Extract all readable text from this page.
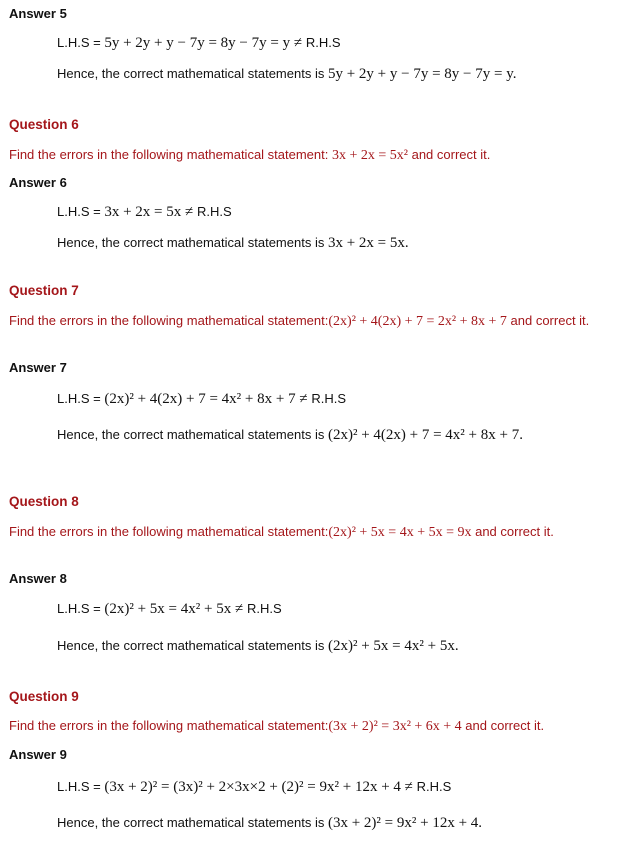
Answer 5
L.H.S = 5y + 2y + y − 7y = 8y − 7y = y ≠ R.H.S
Hence, the correct mathematical statements is 5y + 2y + y − 7y = 8y − 7y = y.
Question 6
Find the errors in the following mathematical statement: 3x + 2x = 5x² and correct it.
Answer 6
L.H.S = 3x + 2x = 5x ≠ R.H.S
Hence, the correct mathematical statements is 3x + 2x = 5x.
Question 7
Find the errors in the following mathematical statement:(2x)² + 4(2x) + 7 = 2x² + 8x + 7 and correct it.
Answer 7
L.H.S = (2x)² + 4(2x) + 7 = 4x² + 8x + 7 ≠ R.H.S
Hence, the correct mathematical statements is (2x)² + 4(2x) + 7 = 4x² + 8x + 7.
Question 8
Find the errors in the following mathematical statement:(2x)² + 5x = 4x + 5x = 9x and correct it.
Answer 8
L.H.S = (2x)² + 5x = 4x² + 5x ≠ R.H.S
Hence, the correct mathematical statements is (2x)² + 5x = 4x² + 5x.
Question 9
Find the errors in the following mathematical statement:(3x + 2)² = 3x² + 6x + 4 and correct it.
Answer 9
L.H.S = (3x + 2)² = (3x)² + 2×3x×2 + (2)² = 9x² + 12x + 4 ≠ R.H.S
Hence, the correct mathematical statements is (3x + 2)² = 9x² + 12x + 4.
